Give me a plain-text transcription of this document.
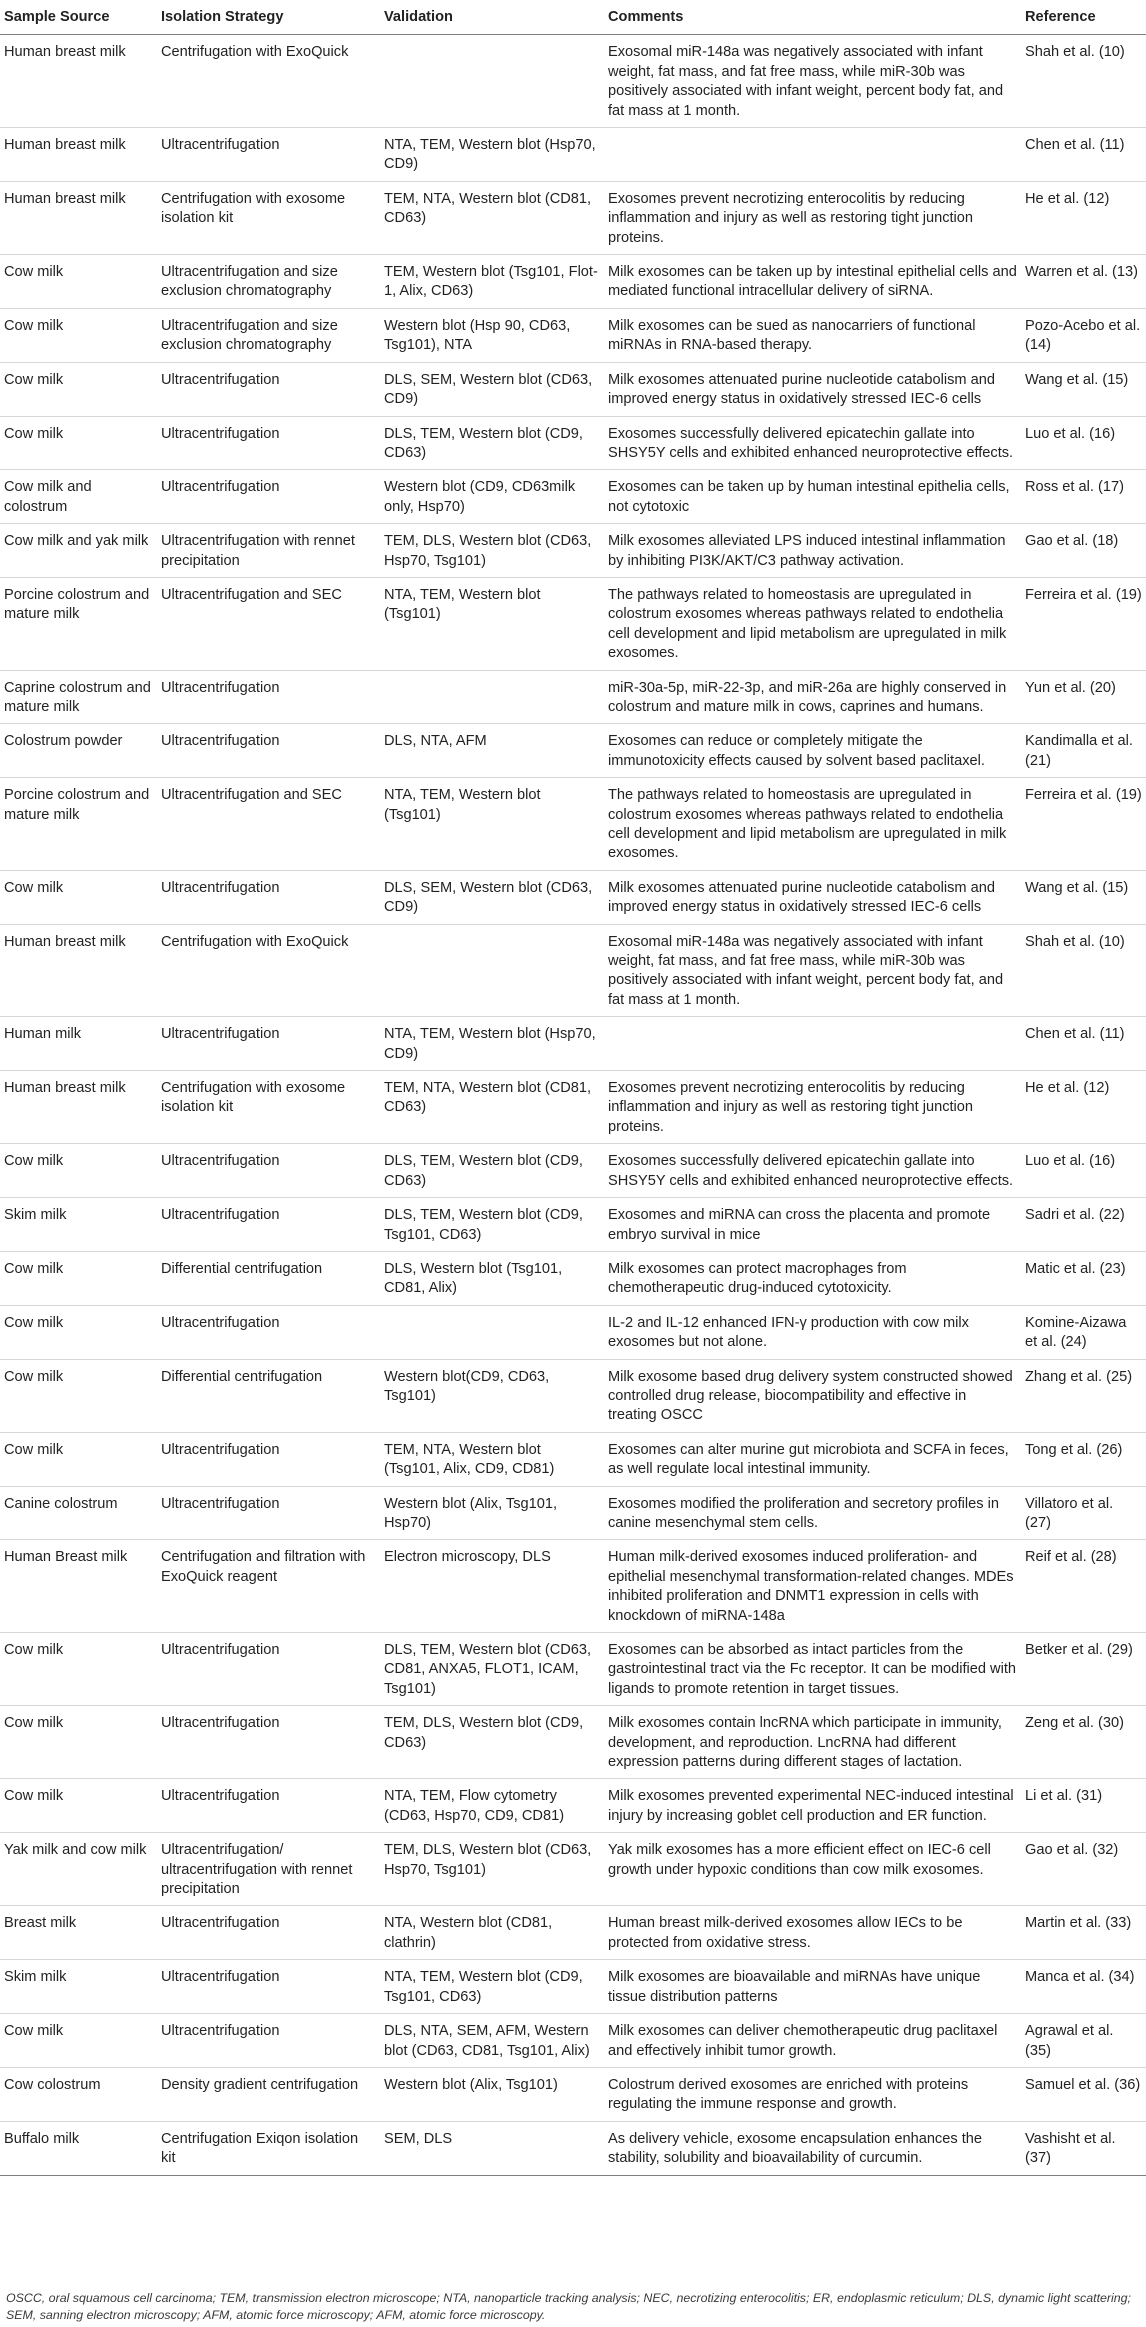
Sample Source	Isolation Strategy	Validation	Comments	Reference
Human breast milk	Centrifugation with ExoQuick		Exosomal miR-148a was negatively associated with infant weight, fat mass, and fat free mass, while miR-30b was positively associated with infant weight, percent body fat, and fat mass at 1 month.	Shah et al. (10)
Human breast milk	Ultracentrifugation	NTA, TEM, Western blot (Hsp70, CD9)		Chen et al. (11)
Human breast milk	Centrifugation with exosome isolation kit	TEM, NTA, Western blot (CD81, CD63)	Exosomes prevent necrotizing enterocolitis by reducing inflammation and injury as well as restoring tight junction proteins.	He et al. (12)
Cow milk	Ultracentrifugation and size exclusion chromatography	TEM, Western blot (Tsg101, Flot-1, Alix, CD63)	Milk exosomes can be taken up by intestinal epithelial cells and mediated functional intracellular delivery of siRNA.	Warren et al. (13)
Cow milk	Ultracentrifugation and size exclusion chromatography	Western blot (Hsp 90, CD63, Tsg101), NTA	Milk exosomes can be sued as nanocarriers of functional miRNAs in RNA-based therapy.	Pozo-Acebo et al. (14)
Cow milk	Ultracentrifugation	DLS, SEM, Western blot (CD63, CD9)	Milk exosomes attenuated purine nucleotide catabolism and improved energy status in oxidatively stressed IEC-6 cells	Wang et al. (15)
Cow milk	Ultracentrifugation	DLS, TEM, Western blot (CD9, CD63)	Exosomes successfully delivered epicatechin gallate into SHSY5Y cells and exhibited enhanced neuroprotective effects.	Luo et al. (16)
Cow milk and colostrum	Ultracentrifugation	Western blot (CD9, CD63milk only, Hsp70)	Exosomes can be taken up by human intestinal epithelia cells, not cytotoxic	Ross et al. (17)
Cow milk and yak milk	Ultracentrifugation with rennet precipitation	TEM, DLS, Western blot (CD63, Hsp70, Tsg101)	Milk exosomes alleviated LPS induced intestinal inflammation by inhibiting PI3K/AKT/C3 pathway activation.	Gao et al. (18)
Porcine colostrum and mature milk	Ultracentrifugation and SEC	NTA, TEM, Western blot (Tsg101)	The pathways related to homeostasis are upregulated in colostrum exosomes whereas pathways related to endothelia cell development and lipid metabolism are upregulated in milk exosomes.	Ferreira et al. (19)
Caprine colostrum and mature milk	Ultracentrifugation		miR-30a-5p, miR-22-3p, and miR-26a are highly conserved in colostrum and mature milk in cows, caprines and humans.	Yun et al. (20)
Colostrum powder	Ultracentrifugation	DLS, NTA, AFM	Exosomes can reduce or completely mitigate the immunotoxicity effects caused by solvent based paclitaxel.	Kandimalla et al. (21)
Porcine colostrum and mature milk	Ultracentrifugation and SEC	NTA, TEM, Western blot (Tsg101)	The pathways related to homeostasis are upregulated in colostrum exosomes whereas pathways related to endothelia cell development and lipid metabolism are upregulated in milk exosomes.	Ferreira et al. (19)
Cow milk	Ultracentrifugation	DLS, SEM, Western blot (CD63, CD9)	Milk exosomes attenuated purine nucleotide catabolism and improved energy status in oxidatively stressed IEC-6 cells	Wang et al. (15)
Human breast milk	Centrifugation with ExoQuick		Exosomal miR-148a was negatively associated with infant weight, fat mass, and fat free mass, while miR-30b was positively associated with infant weight, percent body fat, and fat mass at 1 month.	Shah et al. (10)
Human milk	Ultracentrifugation	NTA, TEM, Western blot (Hsp70, CD9)		Chen et al. (11)
Human breast milk	Centrifugation with exosome isolation kit	TEM, NTA, Western blot (CD81, CD63)	Exosomes prevent necrotizing enterocolitis by reducing inflammation and injury as well as restoring tight junction proteins.	He et al. (12)
Cow milk	Ultracentrifugation	DLS, TEM, Western blot (CD9, CD63)	Exosomes successfully delivered epicatechin gallate into SHSY5Y cells and exhibited enhanced neuroprotective effects.	Luo et al. (16)
Skim milk	Ultracentrifugation	DLS, TEM, Western blot (CD9, Tsg101, CD63)	Exosomes and miRNA can cross the placenta and promote embryo survival in mice	Sadri et al. (22)
Cow milk	Differential centrifugation	DLS, Western blot (Tsg101, CD81, Alix)	Milk exosomes can protect macrophages from chemotherapeutic drug-induced cytotoxicity.	Matic et al. (23)
Cow milk	Ultracentrifugation		IL-2 and IL-12 enhanced IFN-γ production with cow milx exosomes but not alone.	Komine-Aizawa et al. (24)
Cow milk	Differential centrifugation	Western blot(CD9, CD63, Tsg101)	Milk exosome based drug delivery system constructed showed controlled drug release, biocompatibility and effective in treating OSCC	Zhang et al. (25)
Cow milk	Ultracentrifugation	TEM, NTA, Western blot (Tsg101, Alix, CD9, CD81)	Exosomes can alter murine gut microbiota and SCFA in feces, as well regulate local intestinal immunity.	Tong et al. (26)
Canine colostrum	Ultracentrifugation	Western blot (Alix, Tsg101, Hsp70)	Exosomes modified the proliferation and secretory profiles in canine mesenchymal stem cells.	Villatoro et al. (27)
Human Breast milk	Centrifugation and filtration with ExoQuick reagent	Electron microscopy, DLS	Human milk-derived exosomes induced proliferation- and epithelial mesenchymal transformation-related changes. MDEs inhibited proliferation and DNMT1 expression in cells with knockdown of miRNA-148a	Reif et al. (28)
Cow milk	Ultracentrifugation	DLS, TEM, Western blot (CD63, CD81, ANXA5, FLOT1, ICAM, Tsg101)	Exosomes can be absorbed as intact particles from the gastrointestinal tract via the Fc receptor. It can be modified with ligands to promote retention in target tissues.	Betker et al. (29)
Cow milk	Ultracentrifugation	TEM, DLS, Western blot (CD9, CD63)	Milk exosomes contain lncRNA which participate in immunity, development, and reproduction. LncRNA had different expression patterns during different stages of lactation.	Zeng et al. (30)
Cow milk	Ultracentrifugation	NTA, TEM, Flow cytometry (CD63, Hsp70, CD9, CD81)	Milk exosomes prevented experimental NEC-induced intestinal injury by increasing goblet cell production and ER function.	Li et al. (31)
Yak milk and cow milk	Ultracentrifugation/ ultracentrifugation with rennet precipitation	TEM, DLS, Western blot (CD63, Hsp70, Tsg101)	Yak milk exosomes has a more efficient effect on IEC-6 cell growth under hypoxic conditions than cow milk exosomes.	Gao et al. (32)
Breast milk	Ultracentrifugation	NTA, Western blot (CD81, clathrin)	Human breast milk-derived exosomes allow IECs to be protected from oxidative stress.	Martin et al. (33)
Skim milk	Ultracentrifugation	NTA, TEM, Western blot (CD9, Tsg101, CD63)	Milk exosomes are bioavailable and miRNAs have unique tissue distribution patterns	Manca et al. (34)
Cow milk	Ultracentrifugation	DLS, NTA, SEM, AFM, Western blot (CD63, CD81, Tsg101, Alix)	Milk exosomes can deliver chemotherapeutic drug paclitaxel and effectively inhibit tumor growth.	Agrawal et al. (35)
Cow colostrum	Density gradient centrifugation	Western blot (Alix, Tsg101)	Colostrum derived exosomes are enriched with proteins regulating the immune response and growth.	Samuel et al. (36)
Buffalo milk	Centrifugation Exiqon isolation kit	SEM, DLS	As delivery vehicle, exosome encapsulation enhances the stability, solubility and bioavailability of curcumin.	Vashisht et al. (37)
OSCC, oral squamous cell carcinoma; TEM, transmission electron microscope; NTA, nanoparticle tracking analysis; NEC, necrotizing enterocolitis; ER, endoplasmic reticulum; DLS, dynamic light scattering; SEM, sanning electron microscopy; AFM, atomic force microscopy; AFM, atomic force microscopy.
